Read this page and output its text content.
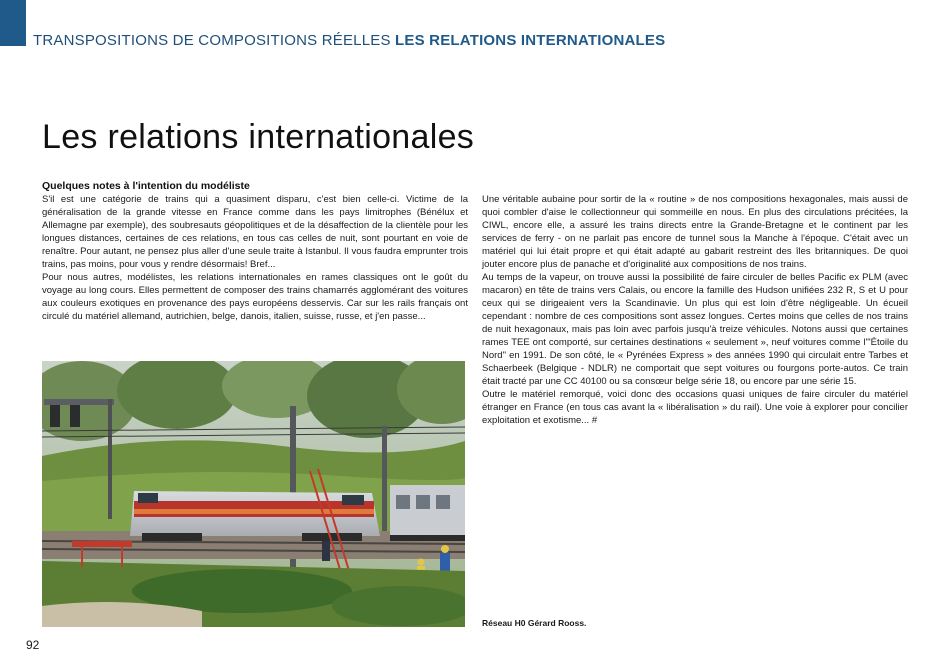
TRANSPOSITIONS DE COMPOSITIONS RÉELLES LES RELATIONS INTERNATIONALES
Les relations internationales
Quelques notes à l'intention du modéliste

S'il est une catégorie de trains qui a quasiment disparu, c'est bien celle-ci. Victime de la généralisation de la grande vitesse en France comme dans les pays limitrophes (Bénélux et Allemagne par exemple), des soubresauts géopolitiques et de la désaffection de la clientèle pour les longues distances, certaines de ces relations, en tous cas celles de nuit, sont pourtant en voie de renaître. Pour autant, ne pensez plus aller d'une seule traite à Istanbul. Il vous faudra emprunter trois trains, pas moins, pour vous y rendre désormais! Bref...

Pour nous autres, modélistes, les relations internationales en rames classiques ont le goût du voyage au long cours. Elles permettent de composer des trains chamarrés agglomérant des voitures aux couleurs exotiques en provenance des pays européens desservis. Car sur les rails français ont circulé du matériel allemand, autrichien, belge, danois, italien, suisse, russe, et j'en passe...

Une véritable aubaine pour sortir de la « routine » de nos compositions hexagonales, mais aussi de quoi combler d'aise le collectionneur qui sommeille en nous. En plus des circulations précitées, la CIWL, encore elle, a assuré les trains directs entre la Grande-Bretagne et le continent par les services de ferry - on ne parlait pas encore de tunnel sous la Manche à l'époque. C'était avec un matériel qui lui était propre et qui était adapté au gabarit restreint des îles britanniques. De quoi jouter encore plus de panache et d'originalité aux compositions de nos trains.

Au temps de la vapeur, on trouve aussi la possibilité de faire circuler de belles Pacific ex PLM (avec macaron) en tête de trains vers Calais, ou encore la famille des Hudson unifiées 232 R, S et U pour ceux qui se dirigeaient vers la Scandinavie. Un plus qui est loin d'être négligeable. Un écueil cependant : nombre de ces compositions sont assez longues. Certes moins que celles de nos trains de nuit hexagonaux, mais pas loin avec parfois jusqu'à treize véhicules. Notons aussi que certaines rames TEE ont comporté, sur certaines destinations « seulement », neuf voitures comme l'"Étoile du Nord" en 1991. De son côté, le « Pyrénées Express » des années 1990 qui circulait entre Tarbes et Schaerbeek (Belgique - NDLR) ne comportait que sept voitures ou fourgons porte-autos. Ce train était tracté par une CC 40100 ou sa consœur belge série 18, ou encore par une série 15.

Outre le matériel remorqué, voici donc des occasions quasi uniques de faire circuler du matériel étranger en France (en tous cas avant la « libéralisation » du rail). Une voie à explorer pour concilier exploitation et exotisme... #

Réseau H0 Gérard Rooss.
92
